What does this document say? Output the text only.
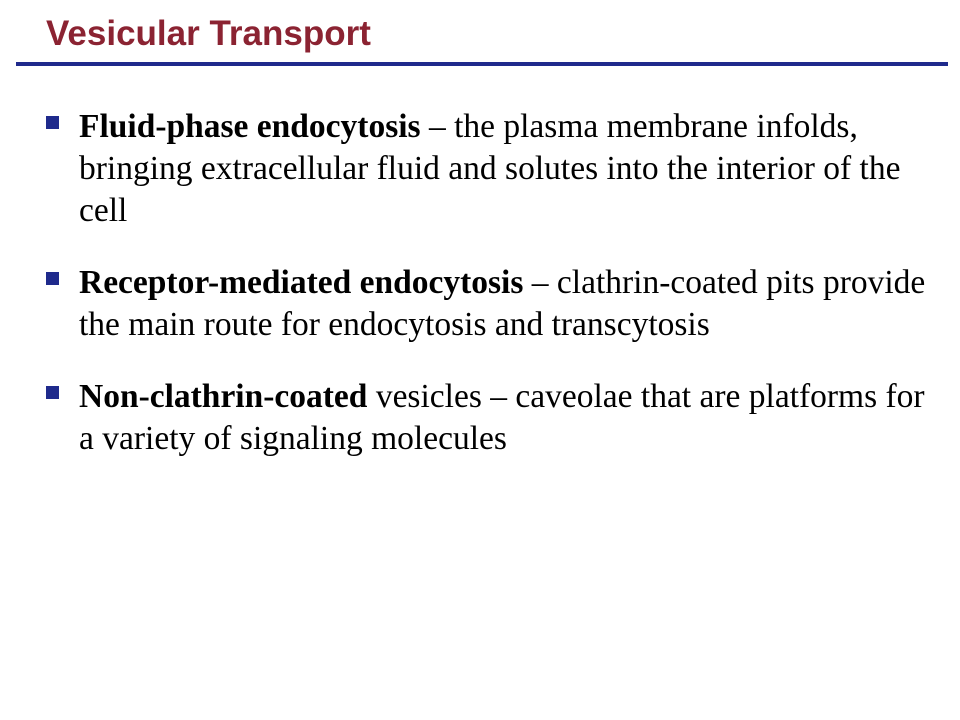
Vesicular Transport
Fluid-phase endocytosis – the plasma membrane infolds, bringing extracellular fluid and solutes into the interior of the cell
Receptor-mediated endocytosis – clathrin-coated pits provide the main route for endocytosis and transcytosis
Non-clathrin-coated vesicles – caveolae that are platforms for a variety of signaling molecules
